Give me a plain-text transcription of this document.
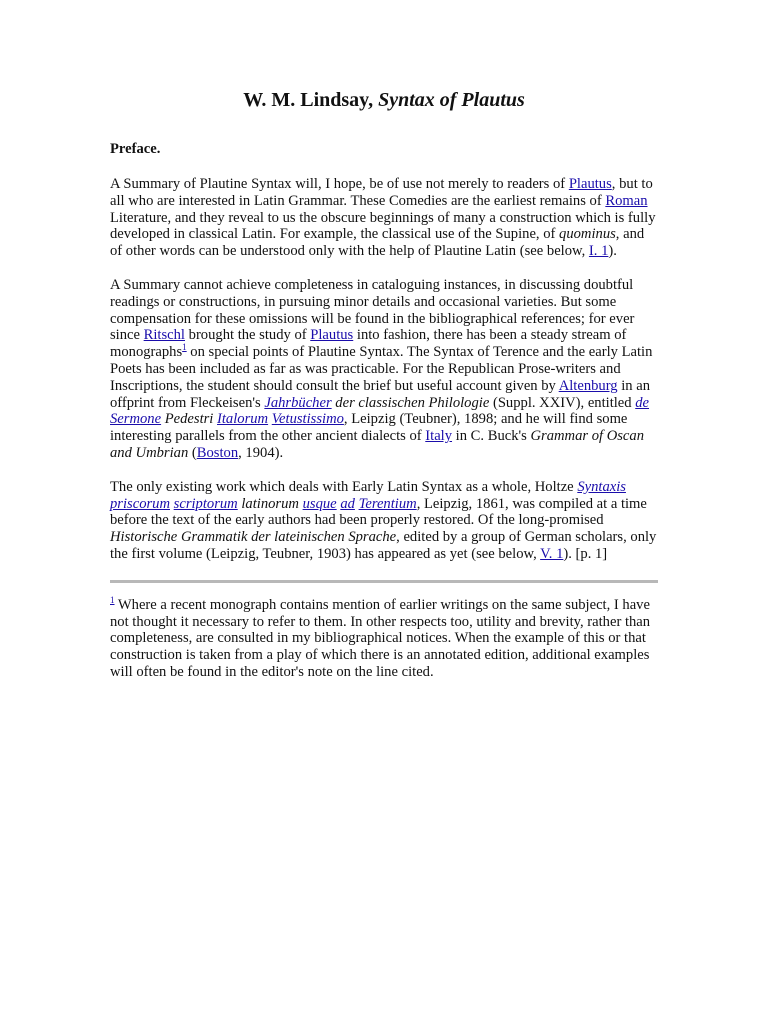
W. M. Lindsay, Syntax of Plautus
Preface.

A Summary of Plautine Syntax will, I hope, be of use not merely to readers of Plautus, but to all who are interested in Latin Grammar. These Comedies are the earliest remains of Roman Literature, and they reveal to us the obscure beginnings of many a construction which is fully developed in classical Latin. For example, the classical use of the Supine, of quominus, and of other words can be understood only with the help of Plautine Latin (see below, I. 1).

A Summary cannot achieve completeness in cataloguing instances, in discussing doubtful readings or constructions, in pursuing minor details and occasional varieties. But some compensation for these omissions will be found in the bibliographical references; for ever since Ritschl brought the study of Plautus into fashion, there has been a steady stream of monographs$^1$ on special points of Plautine Syntax. The Syntax of Terence and the early Latin Poets has been included as far as was practicable. For the Republican Prose-writers and Inscriptions, the student should consult the brief but useful account given by Altenburg in an offprint from Fleckeisen's Jahrbücher der classischen Philologie (Suppl. XXIV), entitled de Sermone Pedestri Italorum Vetustissimo, Leipzig (Teubner), 1898; and he will find some interesting parallels from the other ancient dialects of Italy in C. Buck's Grammar of Oscan and Umbrian (Boston, 1904).

The only existing work which deals with Early Latin Syntax as a whole, Holtze Syntaxis priscorum scriptorum latinorum usque ad Terentium, Leipzig, 1861, was compiled at a time before the text of the early authors had been properly restored. Of the long-promised Historische Grammatik der lateinischen Sprache, edited by a group of German scholars, only the first volume (Leipzig, Teubner, 1903) has appeared as yet (see below, V. 1). [p. 1]

$^1$ Where a recent monograph contains mention of earlier writings on the same subject, I have not thought it necessary to refer to them. In other respects too, utility and brevity, rather than completeness, are consulted in my bibliographical notices. When the example of this or that construction is taken from a play of which there is an annotated edition, additional examples will often be found in the editor's note on the line cited.
